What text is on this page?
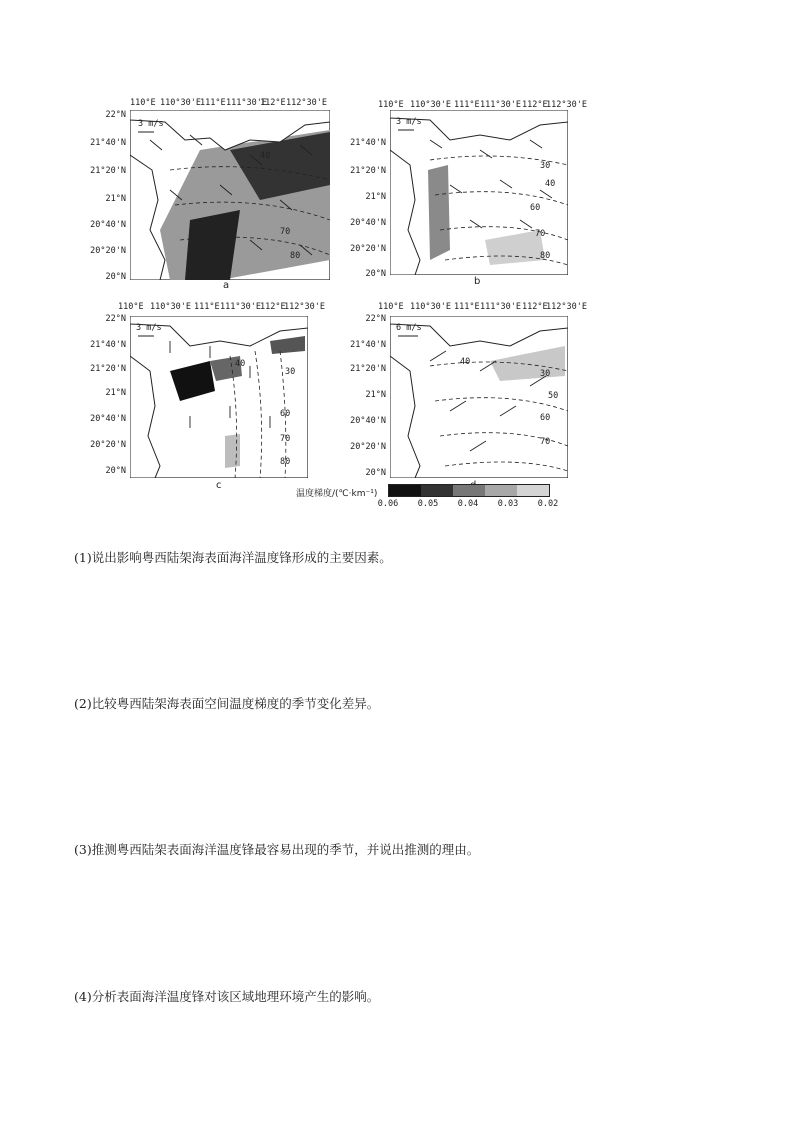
3 m/s
70
80
40
110°E 110°30'E 111°E 111°30'E
112°E 112°30'E
22°N
21°40'N
21°20'N
21°N
20°40'N
20°20'N
20°N
a
3 m/s
30
40
60
70
80
110°E 110°30'E 111°E 111°30'E 112°E
112°30'E
21°40'N
21°20'N
21°N
20°40'N
20°20'N
20°N
b
3 m/s
30
40
60
70
80
110°E 110°30'E 111°E 111°30'E 112°E
112°30'E
22°N
21°40'N
21°20'N
21°N
20°40'N
20°20'N
20°N
c
6 m/s
30
40
50
60
70
110°E 110°30'E 111°E 111°30'E 112°E
112°30'E
22°N
21°40'N
21°20'N
21°N
20°40'N
20°20'N
20°N
温度梯度/(℃·km⁻¹)
0.06 0.05 0.04 0.03 0.02
(1)说出影响粤西陆架海表面海洋温度锋形成的主要因素。
(2)比较粤西陆架海表面空间温度梯度的季节变化差异。
(3)推测粤西陆架表面海洋温度锋最容易出现的季节，并说出推测的理由。
(4)分析表面海洋温度锋对该区域地理环境产生的影响。
